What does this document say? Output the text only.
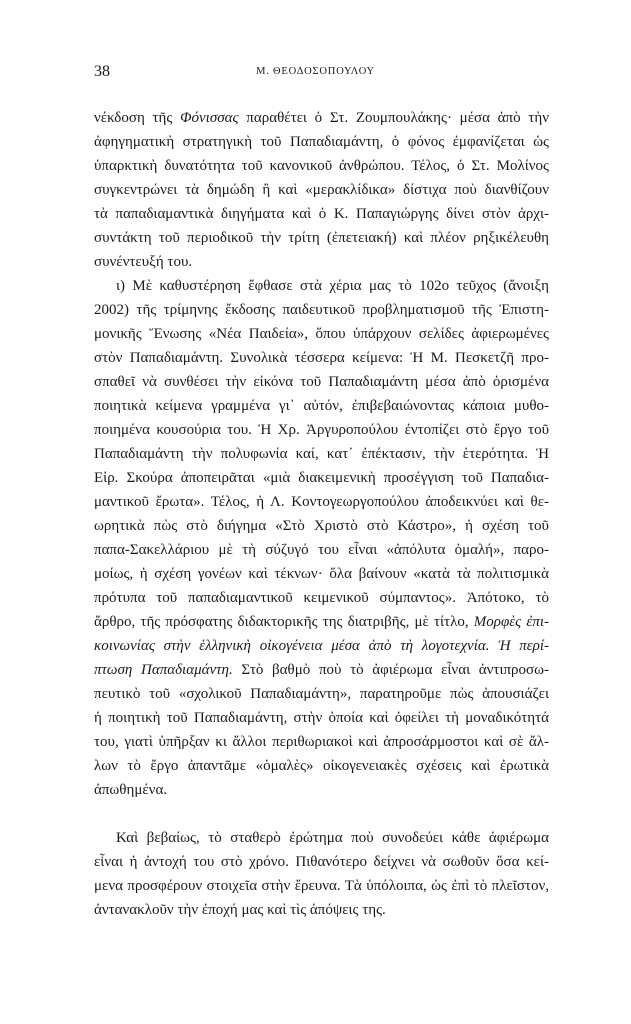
38	Μ. ΘΕΟΔΟΣΟΠΟΥΛΟΥ
νέκδοση τῆς Φόνισσας παραθέτει ὁ Στ. Ζουμπουλάκης· μέσα ἀπὸ τὴν
ἀφηγηματικὴ στρατηγικὴ τοῦ Παπαδιαμάντη, ὁ φόνος ἐμφανίζεται ὡς
ὑπαρκτικὴ δυνατότητα τοῦ κανονικοῦ ἀνθρώπου. Τέλος, ὁ Στ. Μολίνος
συγκεντρώνει τὰ δημώδη ἢ καὶ «μερακλίδικα» δίστιχα ποὺ διανθίζουν
τὰ παπαδιαμαντικὰ διηγήματα καὶ ὁ Κ. Παπαγιώργης δίνει στὸν ἀρχι-
συντάκτη τοῦ περιοδικοῦ τὴν τρίτη (ἐπετειακή) καὶ πλέον ρηξικέλευθη
συνέντευξή του.
ι) Μὲ καθυστέρηση ἔφθασε στὰ χέρια μας τὸ 102ο τεῦχος (ἄνοιξη
2002) τῆς τρίμηνης ἔκδοσης παιδευτικοῦ προβληματισμοῦ τῆς Ἐπιστη-
μονικῆς Ἕνωσης «Νέα Παιδεία», ὅπου ὑπάρχουν σελίδες ἀφιερωμένες
στὸν Παπαδιαμάντη. Συνολικὰ τέσσερα κείμενα: Ἡ Μ. Πεσκετζῆ προ-
σπαθεῖ νὰ συνθέσει τὴν εἰκόνα τοῦ Παπαδιαμάντη μέσα ἀπὸ ὁρισμένα
ποιητικὰ κείμενα γραμμένα γι᾽ αὐτόν, ἐπιβεβαιώνοντας κάποια μυθο-
ποιημένα κουσούρια του. Ἡ Χρ. Ἀργυροπούλου ἐντοπίζει στὸ ἔργο τοῦ
Παπαδιαμάντη τὴν πολυφωνία καί, κατ᾽ ἐπέκτασιν, τὴν ἑτερότητα. Ἡ
Εἰρ. Σκούρα ἀποπειρᾶται «μιὰ διακειμενικὴ προσέγγιση τοῦ Παπαδια-
μαντικοῦ ἔρωτα». Τέλος, ἡ Λ. Κοντογεωργοπούλου ἀποδεικνύει καὶ θε-
ωρητικὰ πὼς στὸ διήγημα «Στὸ Χριστὸ στὸ Κάστρο», ἡ σχέση τοῦ
παπα-Σακελλάριου μὲ τὴ σύζυγό του εἶναι «ἀπόλυτα ὁμαλή», παρο-
μοίως, ἡ σχέση γονέων καὶ τέκνων· ὅλα βαίνουν «κατὰ τὰ πολιτισμικὰ
πρότυπα τοῦ παπαδιαμαντικοῦ κειμενικοῦ σύμπαντος». Ἀπότοκο, τὸ
ἄρθρο, τῆς πρόσφατης διδακτορικῆς της διατριβῆς, μὲ τίτλο, Μορφὲς ἐπι-
κοινωνίας στὴν ἑλληνικὴ οἰκογένεια μέσα ἀπὸ τὴ λογοτεχνία. Ἡ περί-
πτωση Παπαδιαμάντη. Στὸ βαθμὸ ποὺ τὸ ἀφιέρωμα εἶναι ἀντιπροσω-
πευτικὸ τοῦ «σχολικοῦ Παπαδιαμάντη», παρατηροῦμε πὼς ἀπουσιάζει
ἡ ποιητικὴ τοῦ Παπαδιαμάντη, στὴν ὁποία καὶ ὀφείλει τὴ μοναδικότητά
του, γιατὶ ὑπῆρξαν κι ἄλλοι περιθωριακοὶ καὶ ἀπροσάρμοστοι καὶ σὲ ἄλ-
λων τὸ ἔργο ἀπαντᾶμε «ὁμαλὲς» οἰκογενειακὲς σχέσεις καὶ ἐρωτικὰ
ἀπωθημένα.
Καὶ βεβαίως, τὸ σταθερὸ ἐρώτημα ποὺ συνοδεύει κάθε ἀφιέρωμα
εἶναι ἡ ἀντοχή του στὸ χρόνο. Πιθανότερο δείχνει νὰ σωθοῦν ὅσα κεί-
μενα προσφέρουν στοιχεῖα στὴν ἔρευνα. Τὰ ὑπόλοιπα, ὡς ἐπὶ τὸ πλεῖστον,
ἀντανακλοῦν τὴν ἐποχή μας καὶ τὶς ἀπόψεις της.
